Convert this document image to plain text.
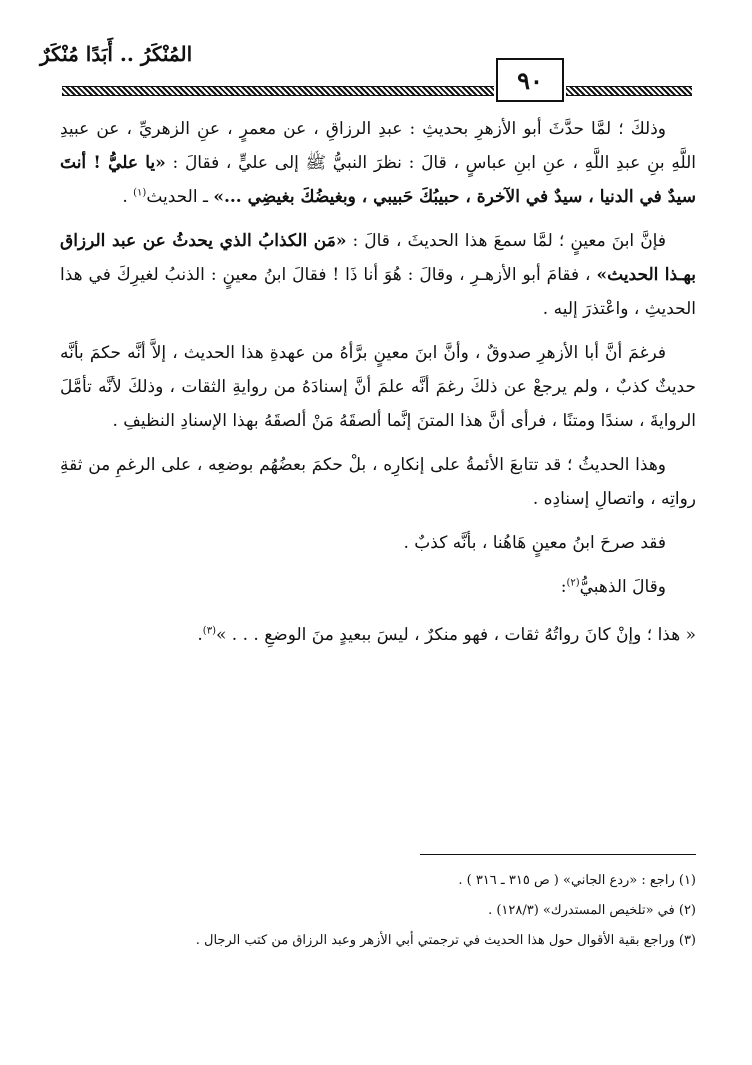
المُنْكَرُ .. أَبَدًا مُنْكَرٌ
٩٠

وذلكَ ؛ لمَّا حدَّثَ أبو الأزهرِ بحديثِ : عبدِ الرزاقِ ، عن معمرٍ ، عنِ الزهريِّ ، عن عبيدِ اللَّهِ بنِ عبدِ اللَّهِ ، عنِ ابنِ عباسٍ ، قالَ : نظرَ النبيُّ ﷺ إلى عليٍّ ، فقالَ : «يا عليُّ ! أنتَ سيدٌ في الدنيا ، سيدٌ في الآخرة ، حبيبُكَ حَبيبي ، وبغيضُكَ بغيضِي ...» ـ الحديث$^{(١)}$ .

فإنَّ ابنَ معينٍ ؛ لمَّا سمعَ هذا الحديثَ ، قالَ : «مَن الكذابُ الذي يحدثُ عن عبد الرزاق بهـذا الحديث» ، فقامَ أبو الأزهـرِ ، وقالَ : هُوَ أنا ذَا ! فقالَ ابنُ معينٍ : الذنبُ لغيرِكَ في هذا الحديثِ ، واعْتذرَ إليه .

فرغمَ أنَّ أبا الأزهرِ صدوقٌ ، وأنَّ ابنَ معينٍ برَّأهُ من عهدةِ هذا الحديث ، إلاَّ أنَّه حكمَ بأنَّه حديثٌ كذبٌ ، ولم يرجعْ عن ذلكَ رغمَ أنَّه علمَ أنَّ إسنادَهُ من روايةِ الثقات ، وذلكَ لأنَّه تأمَّلَ الروايةَ ، سندًا ومتنًا ، فرأى أنَّ هذا المتنَ إنَّما ألصقَهُ مَنْ ألصقَهُ بهذا الإسنادِ النظيفِ .

وهذا الحديثُ ؛ قد تتابعَ الأئمةُ على إنكارِه ، بلْ حكمَ بعضُهُم بوضعِه ، على الرغمِ من ثقةِ رواتِه ، واتصالِ إسنادِه .

فقد صرحَ ابنُ معينٍ هَاهُنا ، بأنَّه كذبٌ .

وقالَ الذهبيُّ$^{(٢)}$:

« هذا ؛ وإنْ كانَ رواتُهُ ثقات ، فهو منكرٌ ، ليسَ ببعيدٍ منَ الوضعِ . . . »$^{(٣)}$.

(١) راجع : «ردع الجاني» ( ص ٣١٥ ـ ٣١٦ ) .
(٢) في «تلخيص المستدرك» (١٢٨/٣) .
(٣) وراجع بقية الأقوال حول هذا الحديث في ترجمتي أبي الأزهر وعبد الرزاق من كتب الرجال .
